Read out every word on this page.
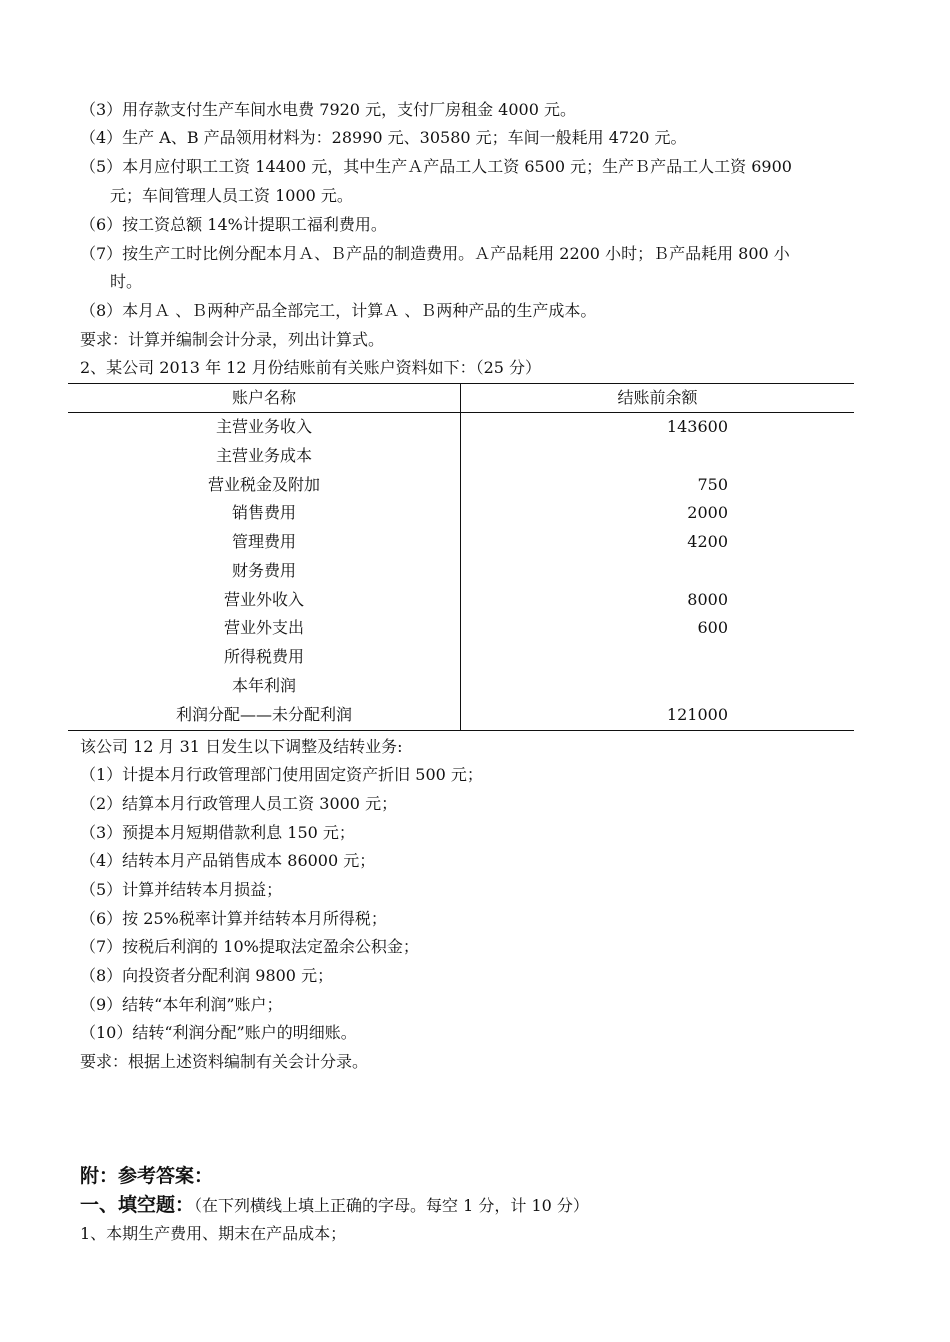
（3）用存款支付生产车间水电费 7920 元，支付厂房租金 4000 元。
（4）生产 A、B 产品领用材料为：28990 元、30580 元；车间一般耗用 4720 元。
（5）本月应付职工工资 14400 元，其中生产Ａ产品工人工资 6500 元；生产Ｂ产品工人工资 6900
元；车间管理人员工资 1000 元。
（6）按工资总额 14%计提职工福利费用。
（7）按生产工时比例分配本月Ａ、Ｂ产品的制造费用。Ａ产品耗用 2200 小时；Ｂ产品耗用 800 小
时。
（8）本月Ａ 、Ｂ两种产品全部完工，计算Ａ 、Ｂ两种产品的生产成本。
要求：计算并编制会计分录，列出计算式。
2、某公司 2013 年 12 月份结账前有关账户资料如下：（25 分）
账户名称	结账前余额
主营业务收入	143600
主营业务成本
营业税金及附加	750
销售费用	2000
管理费用	4200
财务费用
营业外收入	8000
营业外支出	600
所得税费用
本年利润
利润分配——未分配利润	121000
该公司 12 月 31 日发生以下调整及结转业务:
（1）计提本月行政管理部门使用固定资产折旧 500 元；
（2）结算本月行政管理人员工资 3000 元；
（3）预提本月短期借款利息 150 元；
（4）结转本月产品销售成本 86000 元；
（5）计算并结转本月损益；
（6）按 25%税率计算并结转本月所得税；
（7）按税后利润的 10%提取法定盈余公积金；
（8）向投资者分配利润 9800 元；
（9）结转“本年利润”账户；
（10）结转“利润分配”账户的明细账。
要求：根据上述资料编制有关会计分录。
附：参考答案：
一、填空题：（在下列横线上填上正确的字母。每空 1 分，计 10 分）
1、本期生产费用、期末在产品成本；
